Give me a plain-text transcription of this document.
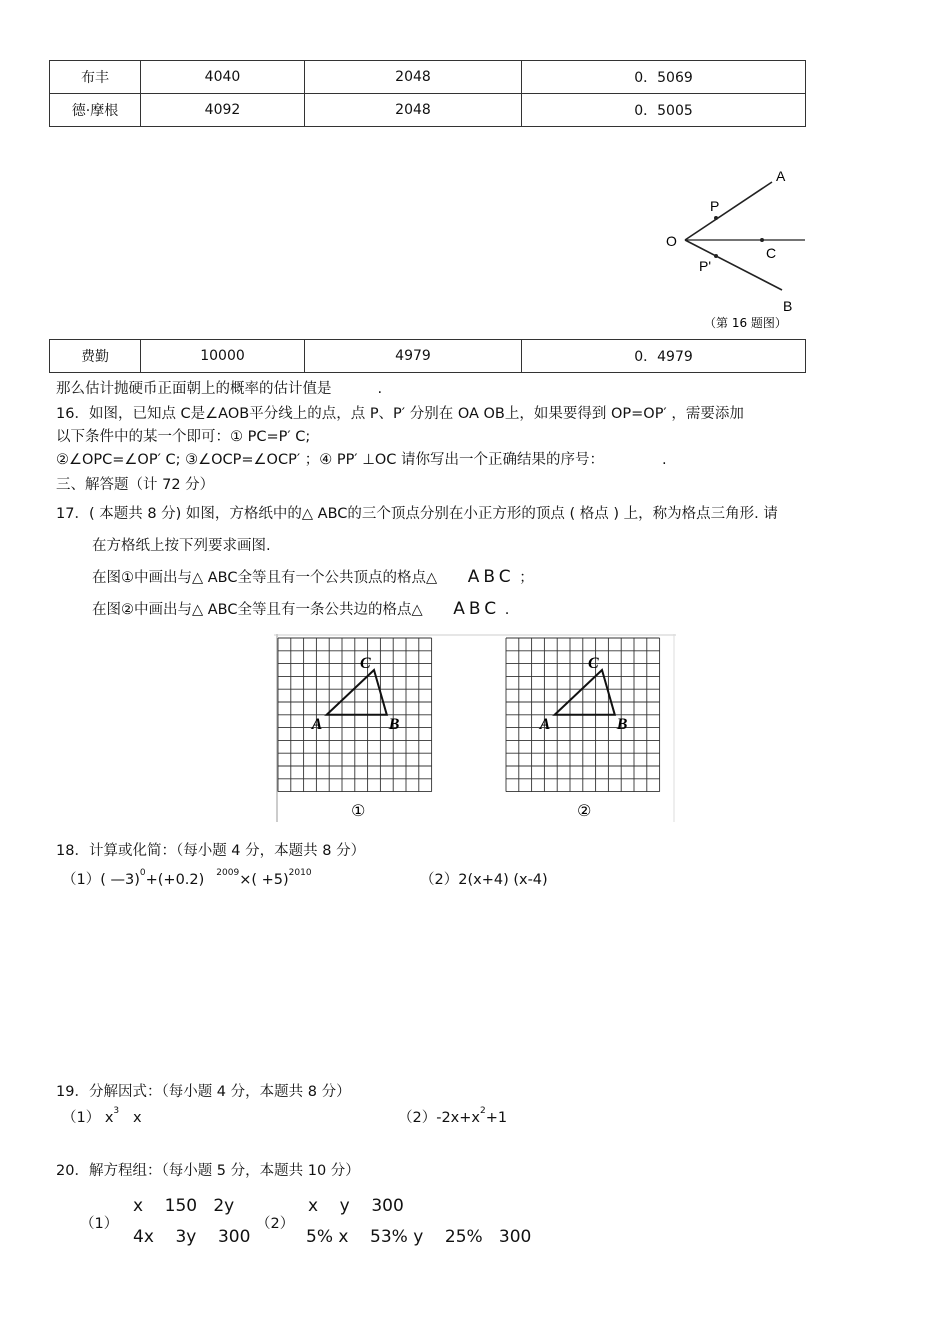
布丰	4040	2048	0．5069
德·摩根	4092	2048	0．5005
A
P
O
C
P'
B
（第 16 题图）
费勤	10000	4979	0．4979
那么估计抛硬币正面朝上的概率的估计值是	.
16．如图，已知点 C是∠AOB平分线上的点，点 P、P′ 分别在 OA OB上，如果要得到 OP=OP′ ，需要添加
以下条件中的某一个即可：① PC=P′ C;
②∠OPC=∠OP′ C; ③∠OCP=∠OCP′ ；④ PP′ ⊥OC 请你写出一个正确结果的序号：	.
三、解答题（计 72 分）
17．( 本题共 8 分) 如图，方格纸中的△ ABC的三个顶点分别在小正方形的顶点 ( 格点 ) 上，称为格点三角形. 请
在方格纸上按下列要求画图.
在图①中画出与△ ABC全等且有一个公共顶点的格点△ ABC ；
在图②中画出与△ ABC全等且有一条公共边的格点△ ABC .
A	B
C
A	B
C
①	②
18．计算或化简：（每小题 4 分，本题共 8 分）
（1）( —3)$^0$+(+0.2) $^{2009}\times( +5)^{2010}$	（2）2(x+4) (x-4)
19．分解因式：（每小题 4 分，本题共 8 分）
（1） $x^3$   x	$(2)-2x+x^2+1$
20．解方程组：（每小题 5 分，本题共 10 分）
（1）
x    150   2y
4x    3y    300
（2）
x    y    300
5% x    53% y    25%   300
